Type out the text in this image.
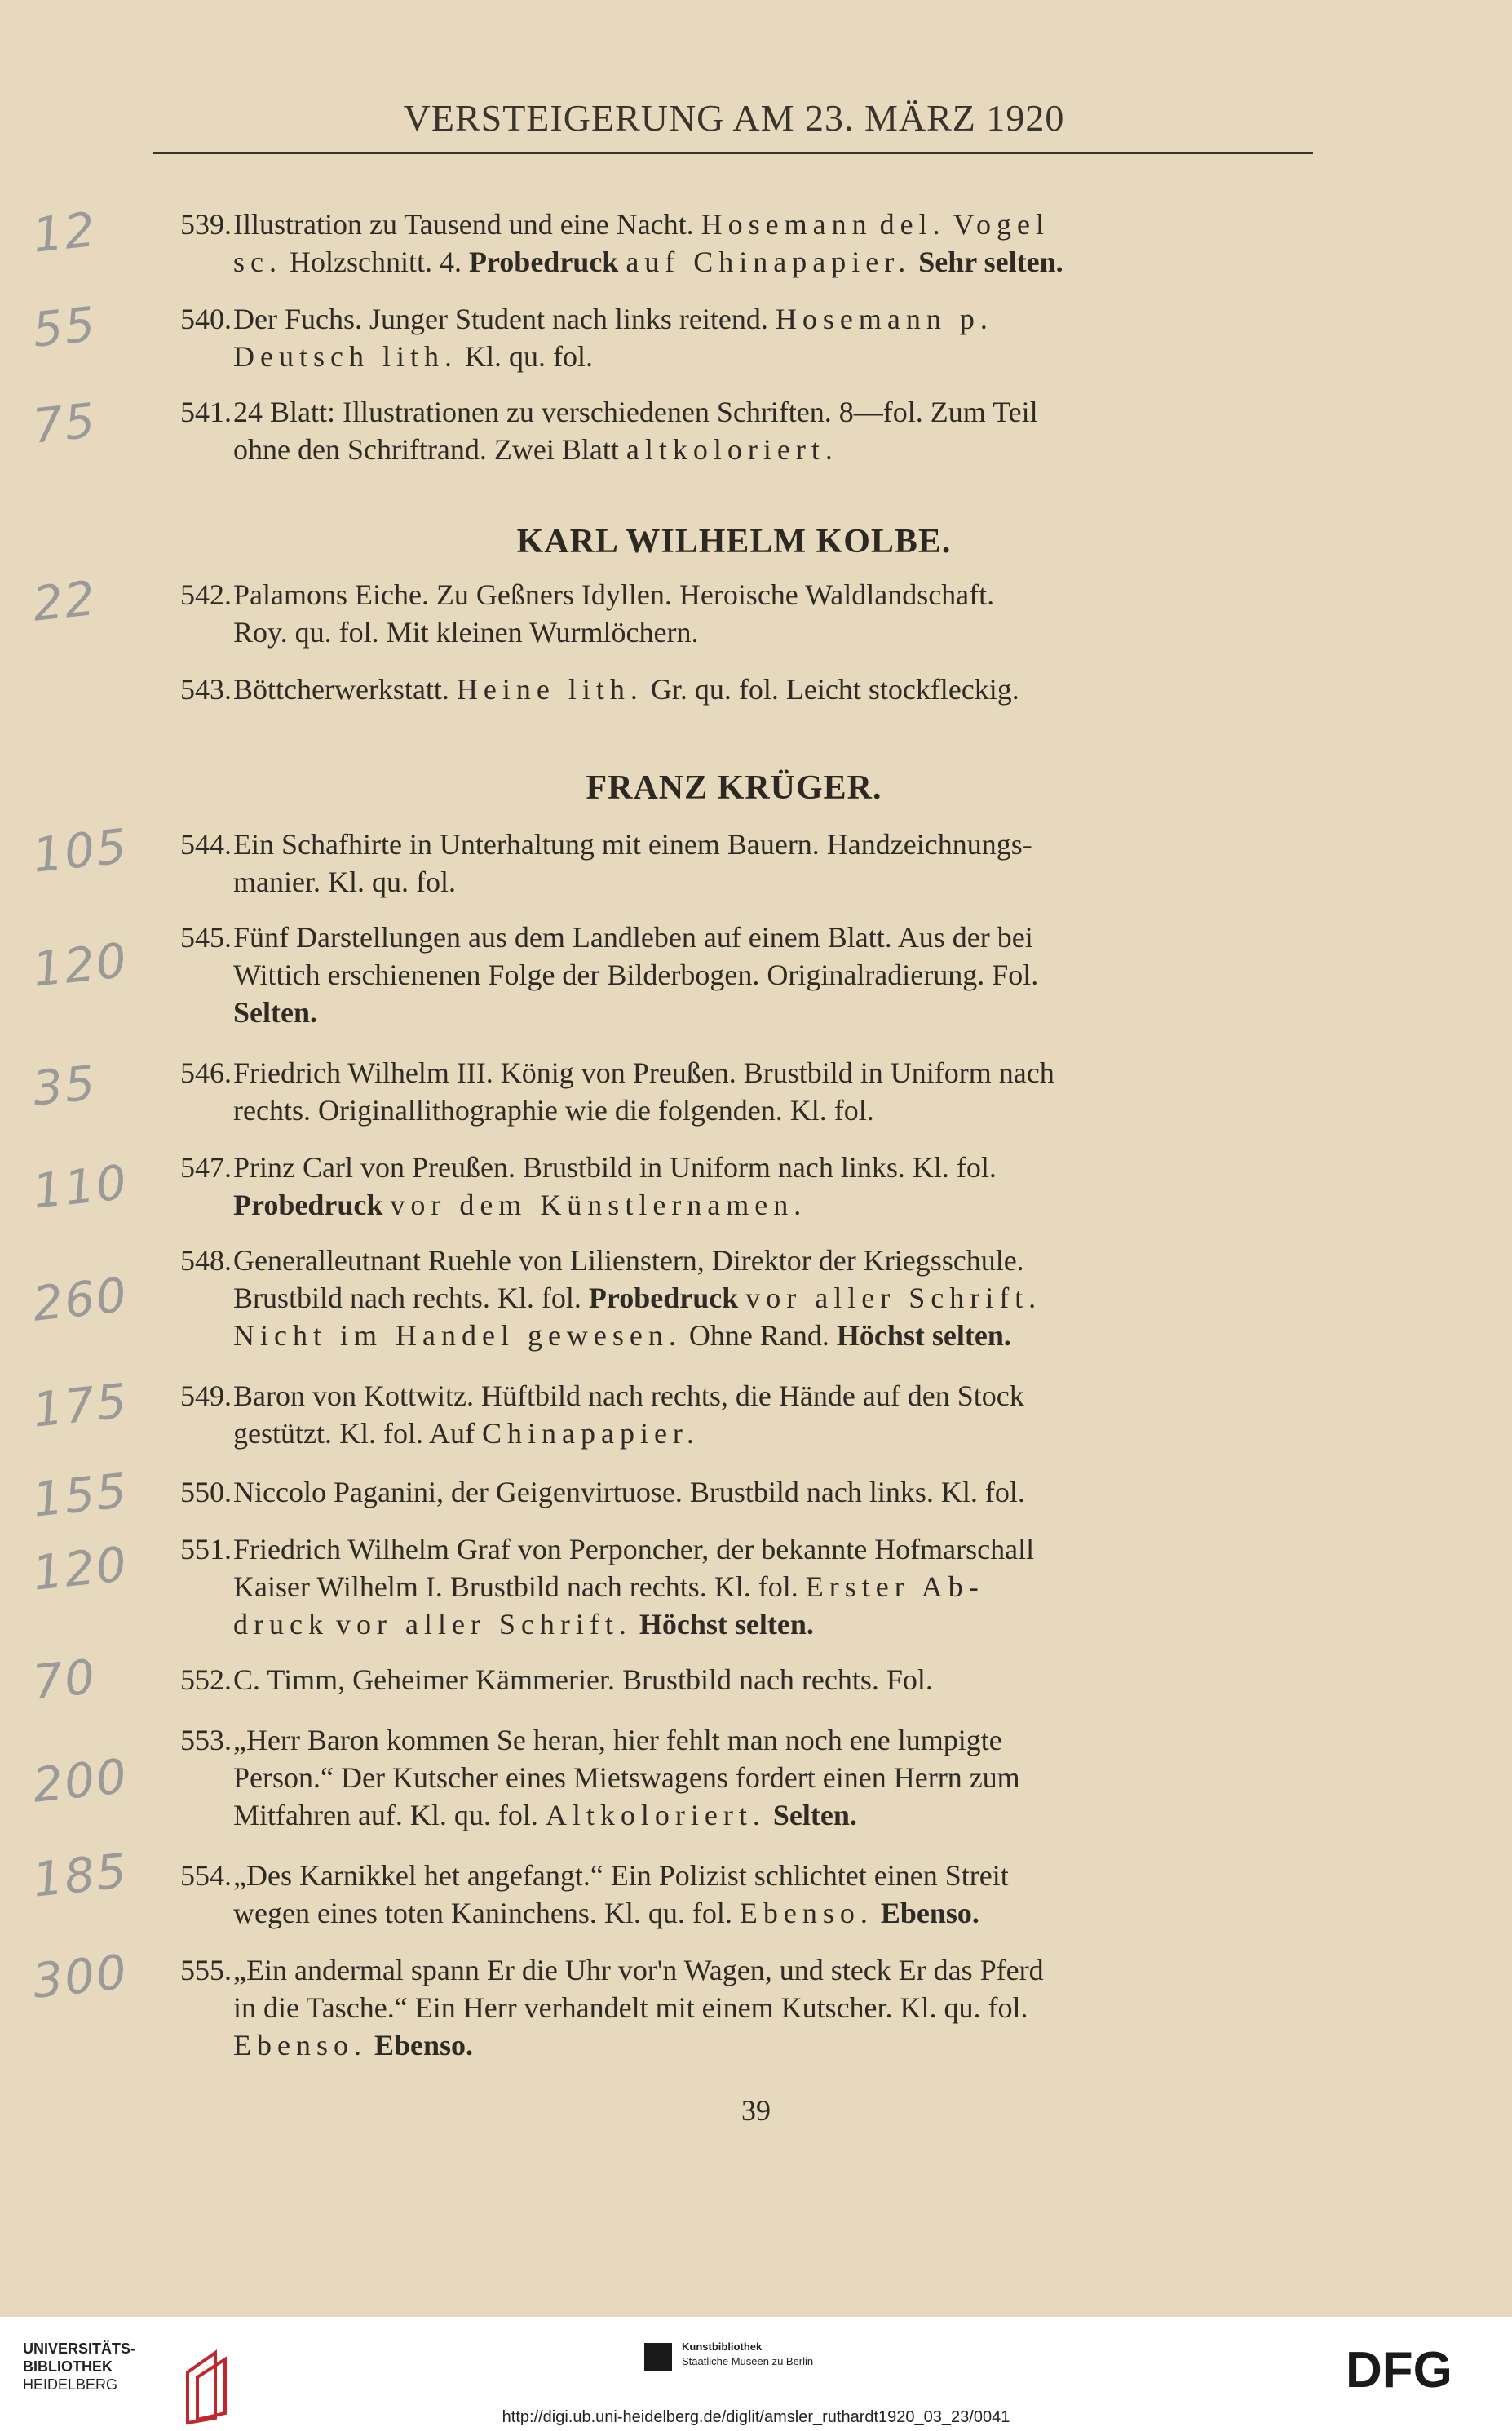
VERSTEIGERUNG AM 23. MÄRZ 1920
KARL WILHELM KOLBE.
FRANZ KRÜGER.
539. Illustration zu Tausend und eine Nacht. Hosemann del. Vogel
sc. Holzschnitt. 4. Probedruck auf Chinapapier. Sehr selten.
12
540. Der Fuchs. Junger Student nach links reitend. Hosemann p.
Deutsch lith. Kl. qu. fol.
55
541. 24 Blatt: Illustrationen zu verschiedenen Schriften. 8—fol. Zum Teil
ohne den Schriftrand. Zwei Blatt altkoloriert.
75
542. Palamons Eiche. Zu Geßners Idyllen. Heroische Waldlandschaft.
Roy. qu. fol. Mit kleinen Wurmlöchern.
22
543. Böttcherwerkstatt. Heine lith. Gr. qu. fol. Leicht stockfleckig.
544. Ein Schafhirte in Unterhaltung mit einem Bauern. Handzeichnungs-
manier. Kl. qu. fol.
105
545. Fünf Darstellungen aus dem Landleben auf einem Blatt. Aus der bei
Wittich erschienenen Folge der Bilderbogen. Originalradierung. Fol.
Selten.
120
546. Friedrich Wilhelm III. König von Preußen. Brustbild in Uniform nach
rechts. Originallithographie wie die folgenden. Kl. fol.
35
547. Prinz Carl von Preußen. Brustbild in Uniform nach links. Kl. fol.
Probedruck vor dem Künstlernamen.
110
548. Generalleutnant Ruehle von Lilienstern, Direktor der Kriegsschule.
Brustbild nach rechts. Kl. fol. Probedruck vor aller Schrift.
Nicht im Handel gewesen. Ohne Rand. Höchst selten.
260
549. Baron von Kottwitz. Hüftbild nach rechts, die Hände auf den Stock
gestützt. Kl. fol. Auf Chinapapier.
175
550. Niccolo Paganini, der Geigenvirtuose. Brustbild nach links. Kl. fol.
155
551. Friedrich Wilhelm Graf von Perponcher, der bekannte Hofmarschall
Kaiser Wilhelm I. Brustbild nach rechts. Kl. fol. Erster Ab-
druck vor aller Schrift. Höchst selten.
120
552. C. Timm, Geheimer Kämmerier. Brustbild nach rechts. Fol.
70
553. „Herr Baron kommen Se heran, hier fehlt man noch ene lumpigte
Person.“ Der Kutscher eines Mietswagens fordert einen Herrn zum
Mitfahren auf. Kl. qu. fol. Altkoloriert. Selten.
200
554. „Des Karnikkel het angefangt.“ Ein Polizist schlichtet einen Streit
wegen eines toten Kaninchens. Kl. qu. fol. Ebenso. Ebenso.
185
555. „Ein andermal spann Er die Uhr vor'n Wagen, und steck Er das Pferd
in die Tasche.“ Ein Herr verhandelt mit einem Kutscher. Kl. qu. fol.
Ebenso. Ebenso.
300
39
UNIVERSITÄTS-
BIBLIOTHEK
HEIDELBERG
Kunstbibliothek
Staatliche Museen zu Berlin	DFG
http://digi.ub.uni-heidelberg.de/diglit/amsler_ruthardt1920_03_23/0041
